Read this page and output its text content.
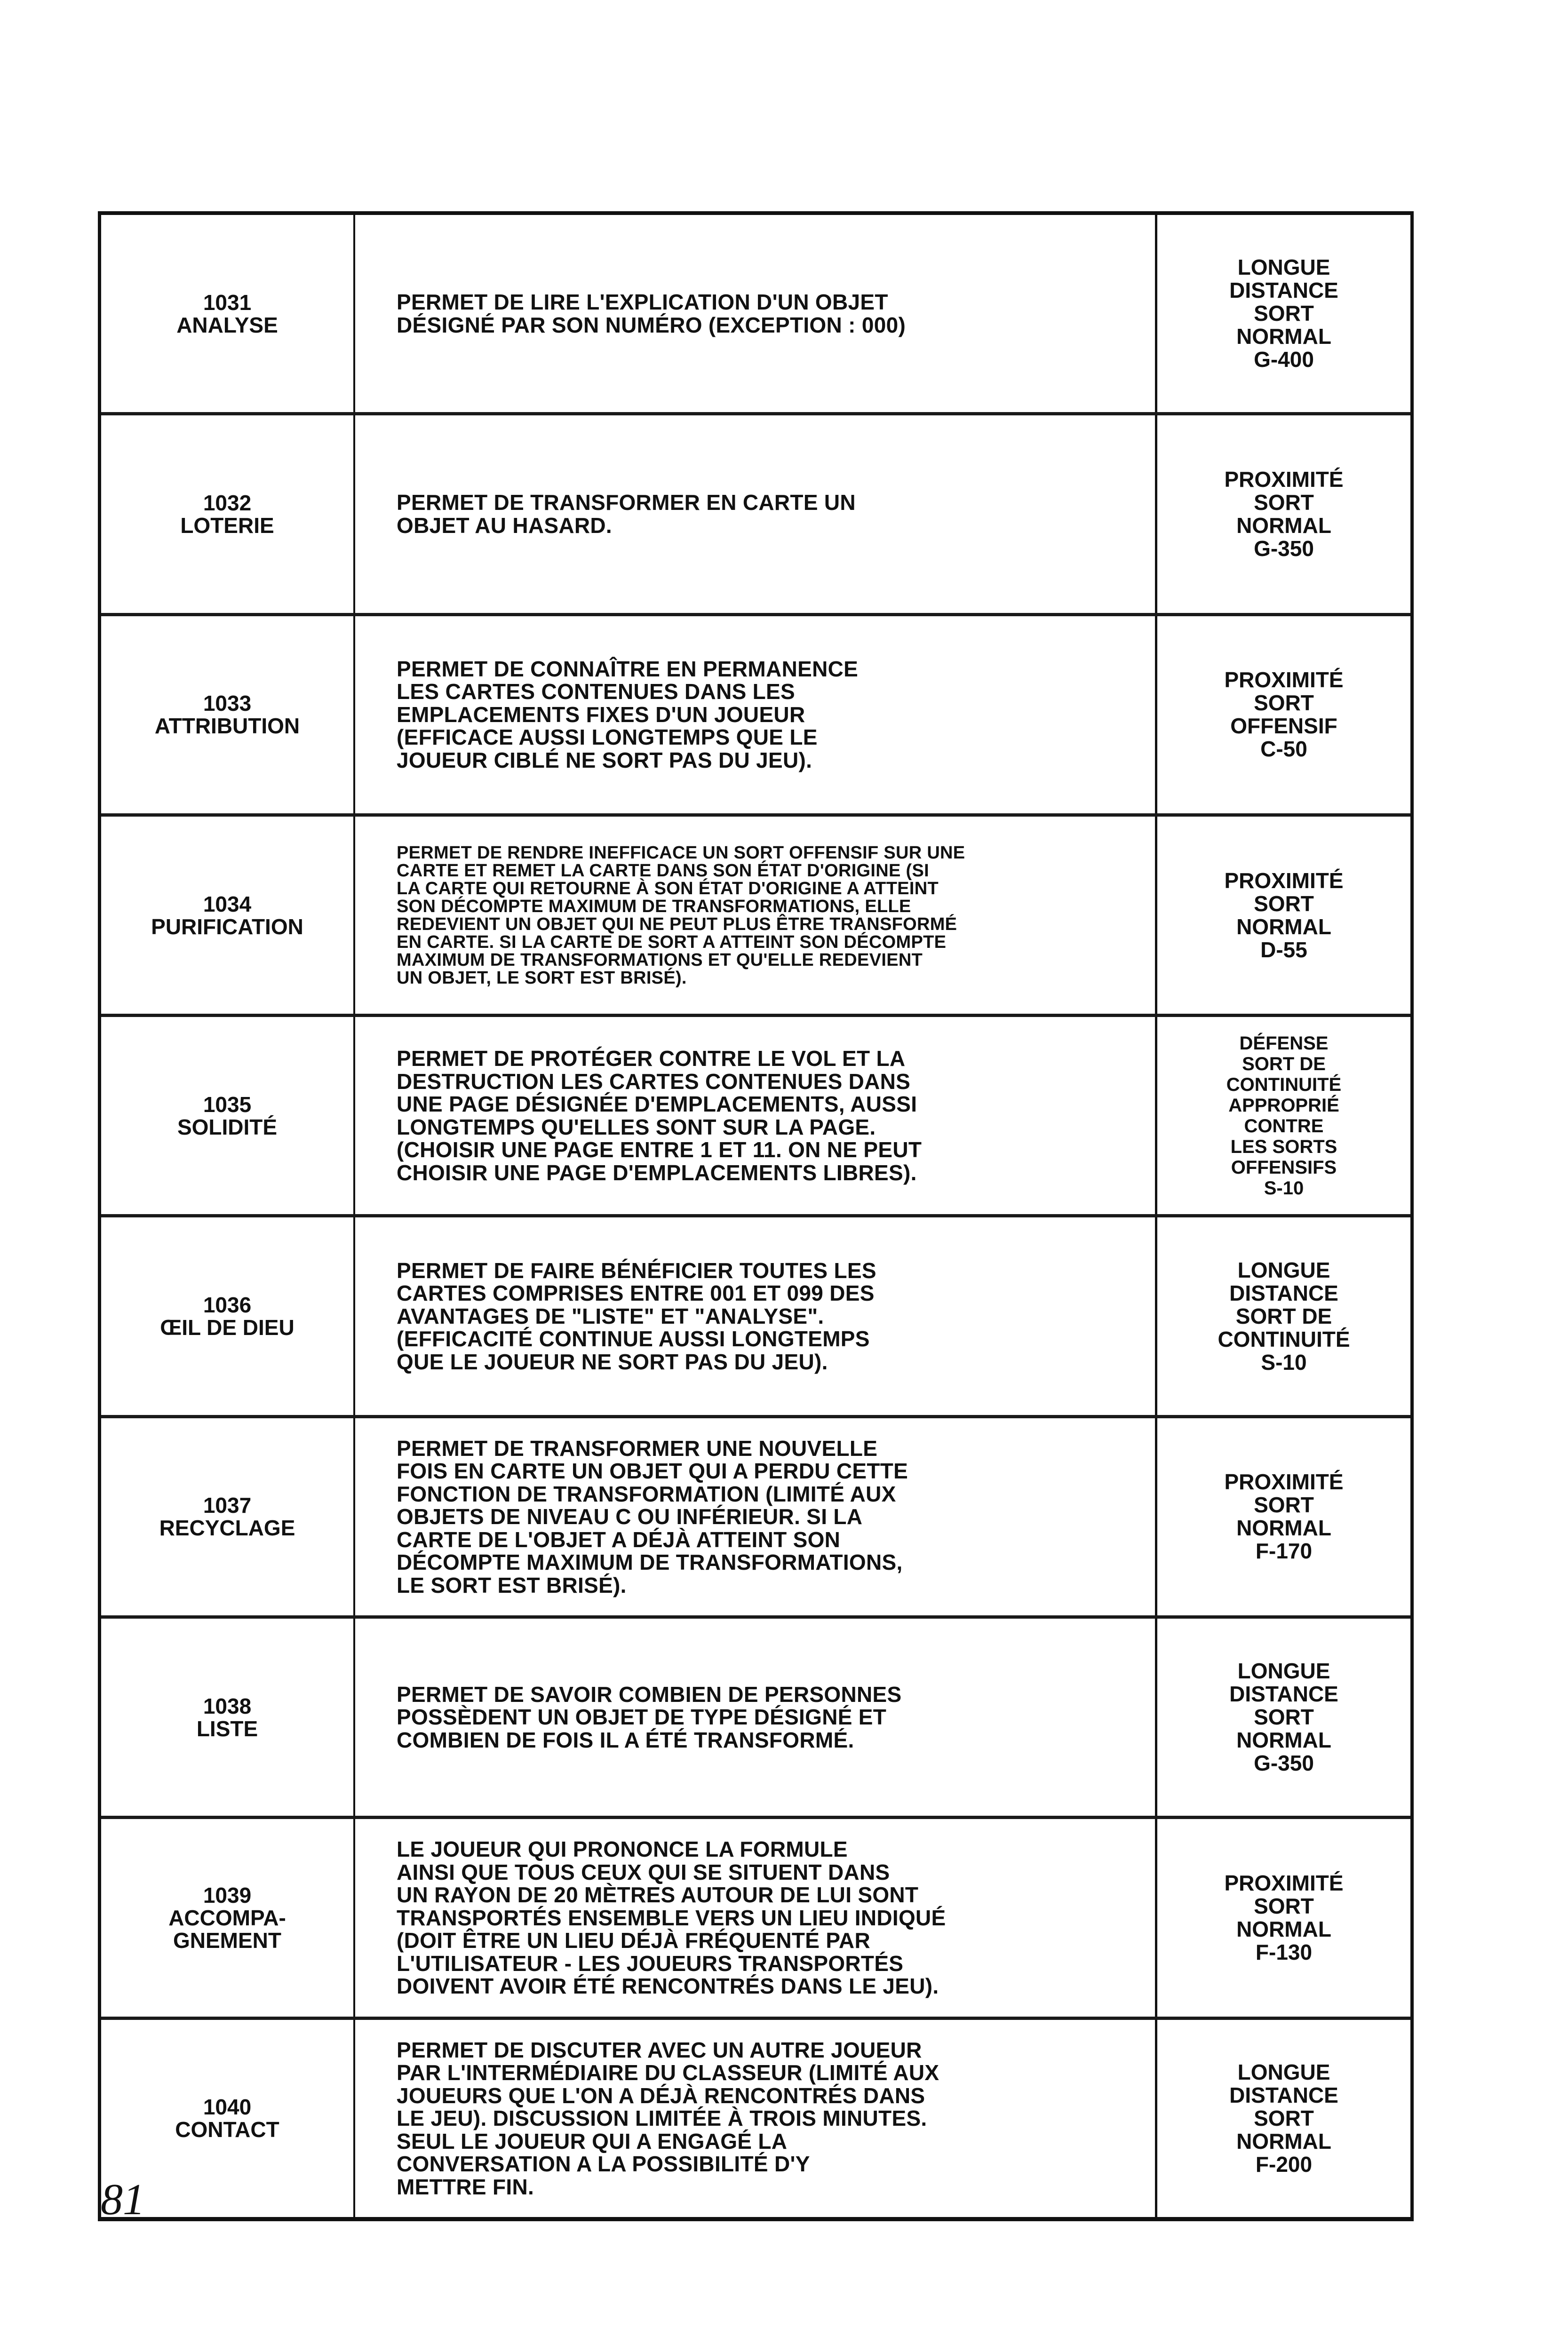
1031
ANALYSE
PERMET DE LIRE L'EXPLICATION D'UN OBJET
DÉSIGNÉ PAR SON NUMÉRO (EXCEPTION : 000)
LONGUE
DISTANCE
SORT
NORMAL
G-400
1032
LOTERIE
PERMET DE TRANSFORMER EN CARTE UN
OBJET AU HASARD.
PROXIMITÉ
SORT
NORMAL
G-350
1033
ATTRIBUTION
PERMET DE CONNAÎTRE EN PERMANENCE
LES CARTES CONTENUES DANS LES
EMPLACEMENTS FIXES D'UN JOUEUR
(EFFICACE AUSSI LONGTEMPS QUE LE
JOUEUR CIBLÉ NE SORT PAS DU JEU).
PROXIMITÉ
SORT
OFFENSIF
C-50
1034
PURIFICATION
PERMET DE RENDRE INEFFICACE UN SORT OFFENSIF SUR UNE
CARTE ET REMET LA CARTE DANS SON ÉTAT D'ORIGINE (SI
LA CARTE QUI RETOURNE À SON ÉTAT D'ORIGINE A ATTEINT
SON DÉCOMPTE MAXIMUM DE TRANSFORMATIONS, ELLE
REDEVIENT UN OBJET QUI NE PEUT PLUS ÊTRE TRANSFORMÉ
EN CARTE. SI LA CARTE DE SORT A ATTEINT SON DÉCOMPTE
MAXIMUM DE TRANSFORMATIONS ET QU'ELLE REDEVIENT
UN OBJET, LE SORT EST BRISÉ).
PROXIMITÉ
SORT
NORMAL
D-55
1035
SOLIDITÉ
PERMET DE PROTÉGER CONTRE LE VOL ET LA
DESTRUCTION LES CARTES CONTENUES DANS
UNE PAGE DÉSIGNÉE D'EMPLACEMENTS, AUSSI
LONGTEMPS QU'ELLES SONT SUR LA PAGE.
(CHOISIR UNE PAGE ENTRE 1 ET 11. ON NE PEUT
CHOISIR UNE PAGE D'EMPLACEMENTS LIBRES).
DÉFENSE
SORT DE
CONTINUITÉ
APPROPRIÉ
CONTRE
LES SORTS
OFFENSIFS
S-10
1036
ŒIL DE DIEU
PERMET DE FAIRE BÉNÉFICIER TOUTES LES
CARTES COMPRISES ENTRE 001 ET 099 DES
AVANTAGES DE "LISTE" ET "ANALYSE".
(EFFICACITÉ CONTINUE AUSSI LONGTEMPS
QUE LE JOUEUR NE SORT PAS DU JEU).
LONGUE
DISTANCE
SORT DE
CONTINUITÉ
S-10
1037
RECYCLAGE
PERMET DE TRANSFORMER UNE NOUVELLE
FOIS EN CARTE UN OBJET QUI A PERDU CETTE
FONCTION DE TRANSFORMATION (LIMITÉ AUX
OBJETS DE NIVEAU C OU INFÉRIEUR. SI LA
CARTE DE L'OBJET A DÉJÀ ATTEINT SON
DÉCOMPTE MAXIMUM DE TRANSFORMATIONS,
LE SORT EST BRISÉ).
PROXIMITÉ
SORT
NORMAL
F-170
1038
LISTE
PERMET DE SAVOIR COMBIEN DE PERSONNES
POSSÈDENT UN OBJET DE TYPE DÉSIGNÉ ET
COMBIEN DE FOIS IL A ÉTÉ TRANSFORMÉ.
LONGUE
DISTANCE
SORT
NORMAL
G-350
1039
ACCOMPA-
GNEMENT
LE JOUEUR QUI PRONONCE LA FORMULE
AINSI QUE TOUS CEUX QUI SE SITUENT DANS
UN RAYON DE 20 MÈTRES AUTOUR DE LUI SONT
TRANSPORTÉS ENSEMBLE VERS UN LIEU INDIQUÉ
(DOIT ÊTRE UN LIEU DÉJÀ FRÉQUENTÉ PAR
L'UTILISATEUR - LES JOUEURS TRANSPORTÉS
DOIVENT AVOIR ÉTÉ RENCONTRÉS DANS LE JEU).
PROXIMITÉ
SORT
NORMAL
F-130
1040
CONTACT
PERMET DE DISCUTER AVEC UN AUTRE JOUEUR
PAR L'INTERMÉDIAIRE DU CLASSEUR (LIMITÉ AUX
JOUEURS QUE L'ON A DÉJÀ RENCONTRÉS DANS
LE JEU). DISCUSSION LIMITÉE À TROIS MINUTES.
SEUL LE JOUEUR QUI A ENGAGÉ LA
CONVERSATION A LA POSSIBILITÉ D'Y
METTRE FIN.
LONGUE
DISTANCE
SORT
NORMAL
F-200
81
